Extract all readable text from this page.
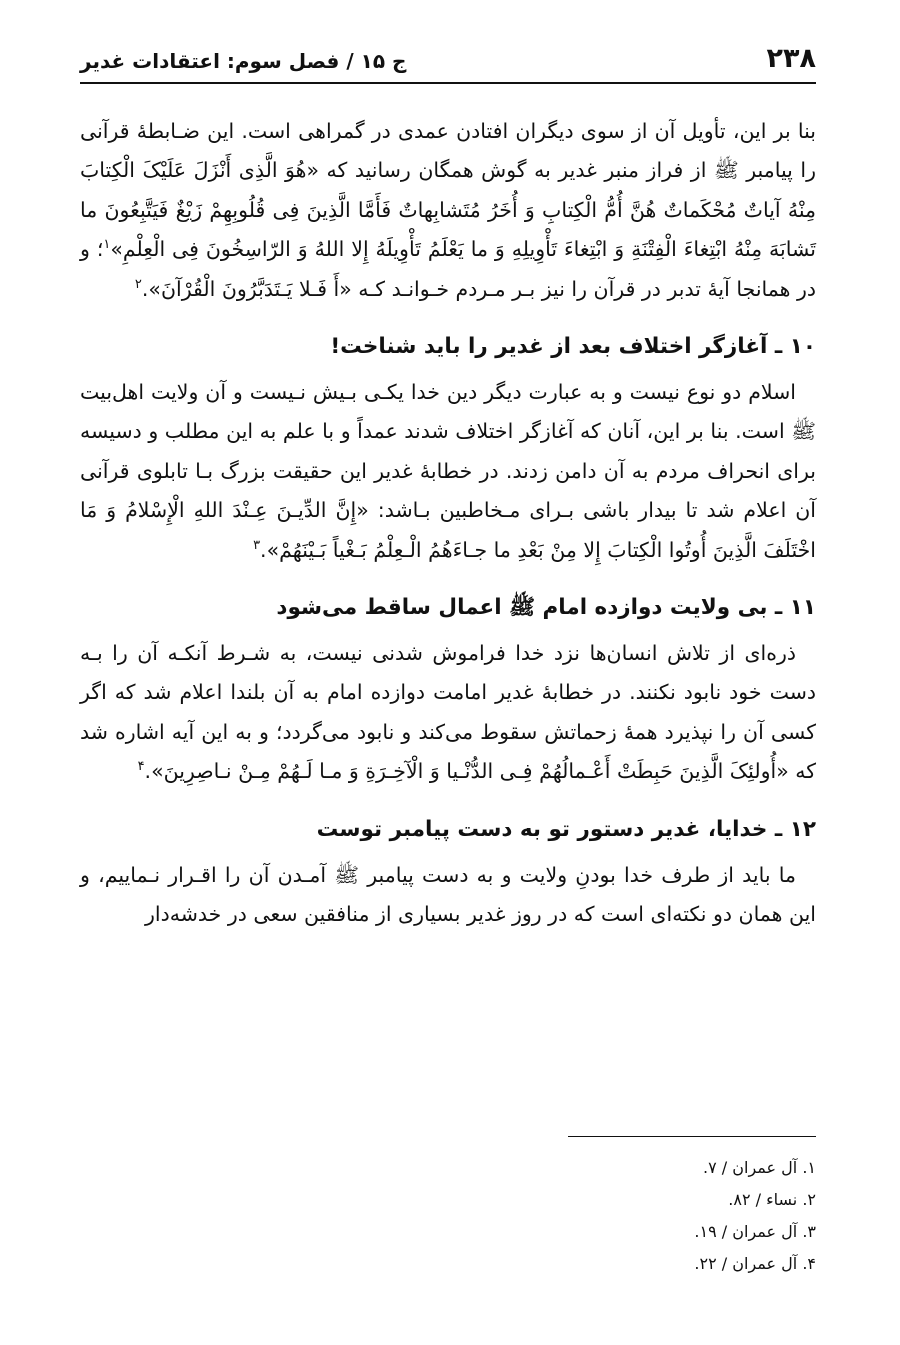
۲۳۸
ج ۱۵ / فصل سوم: اعتقادات غدیر

بنا بر این، تأویل آن از سوی دیگران افتادن عمدی در گمراهی است. این ضـابطهٔ قرآنی را پیامبر ﷺ از فراز منبر غدیر به گوش همگان رسانید که «هُوَ الَّذِی أَنْزَلَ عَلَیْکَ الْکِتابَ مِنْهُ آیاتٌ مُحْکَماتٌ هُنَّ أُمُّ الْکِتابِ وَ أُخَرُ مُتَشابِهاتٌ فَأَمَّا الَّذِینَ فِی قُلُوبِهِمْ زَیْغٌ فَیَتَّبِعُونَ ما تَشابَهَ مِنْهُ ابْتِغاءَ الْفِتْنَةِ وَ ابْتِغاءَ تَأْوِیلِهِ وَ ما یَعْلَمُ تَأْوِیلَهُ إِلا اللهُ وَ الرّاسِخُونَ فِی الْعِلْمِ»$^۱$؛ و در همانجا آیهٔ تدبر در قرآن را نیز بـر مـردم خـوانـد کـه «أَ فَـلا یَـتَدَبَّرُونَ الْقُرْآنَ».$^۲$

۱۰ ـ آغازگر اختلاف بعد از غدیر را باید شناخت!

اسلام دو نوع نیست و به عبارت دیگر دین خدا یکـی بـیش نـیست و آن ولایت اهل‌بیت ﷺ است. بنا بر این، آنان که آغازگر اختلاف شدند عمداً و با علم به این مطلب و دسیسه برای انحراف مردم به آن دامن زدند. در خطابهٔ غدیر این حقیقت بزرگ بـا تابلوی قرآنی آن اعلام شد تا بیدار باشی بـرای مـخاطبین بـاشد: «إِنَّ الدِّیـنَ عِـنْدَ اللهِ الْإِسْلامُ وَ مَا اخْتَلَفَ الَّذِینَ أُوتُوا الْکِتابَ إِلا مِنْ بَعْدِ ما جـاءَهُمُ الْـعِلْمُ بَـغْیاً بَـیْنَهُمْ».$^۳$

۱۱ ـ بی ولایت دوازده امام ﷺ اعمال ساقط می‌شود

ذره‌ای از تلاش انسان‌ها نزد خدا فراموش شدنی نیست، به شـرط آنکـه آن را بـه دست خود نابود نکنند. در خطابهٔ غدیر امامت دوازده امام به آن بلندا اعلام شد که اگر کسی آن را نپذیرد همهٔ زحماتش سقوط می‌کند و نابود می‌گردد؛ و به این آیه اشاره شد که «أُولئِکَ الَّذِینَ حَبِطَتْ أَعْـمالُهُمْ فِـی الدُّنْـیا وَ الْآخِـرَةِ وَ مـا لَـهُمْ مِـنْ نـاصِرِینَ».$^۴$

۱۲ ـ خدایا، غدیر دستور تو به دست پیامبر توست

ما باید از طرف خدا بودنِ ولایت و به دست پیامبر ﷺ آمـدن آن را اقـرار نـماییم، و این همان دو نکته‌ای است که در روز غدیر بسیاری از منافقین سعی در خدشه‌دار

۱. آل عمران / ۷.
۲. نساء / ۸۲.
۳. آل عمران / ۱۹.
۴. آل عمران / ۲۲.
